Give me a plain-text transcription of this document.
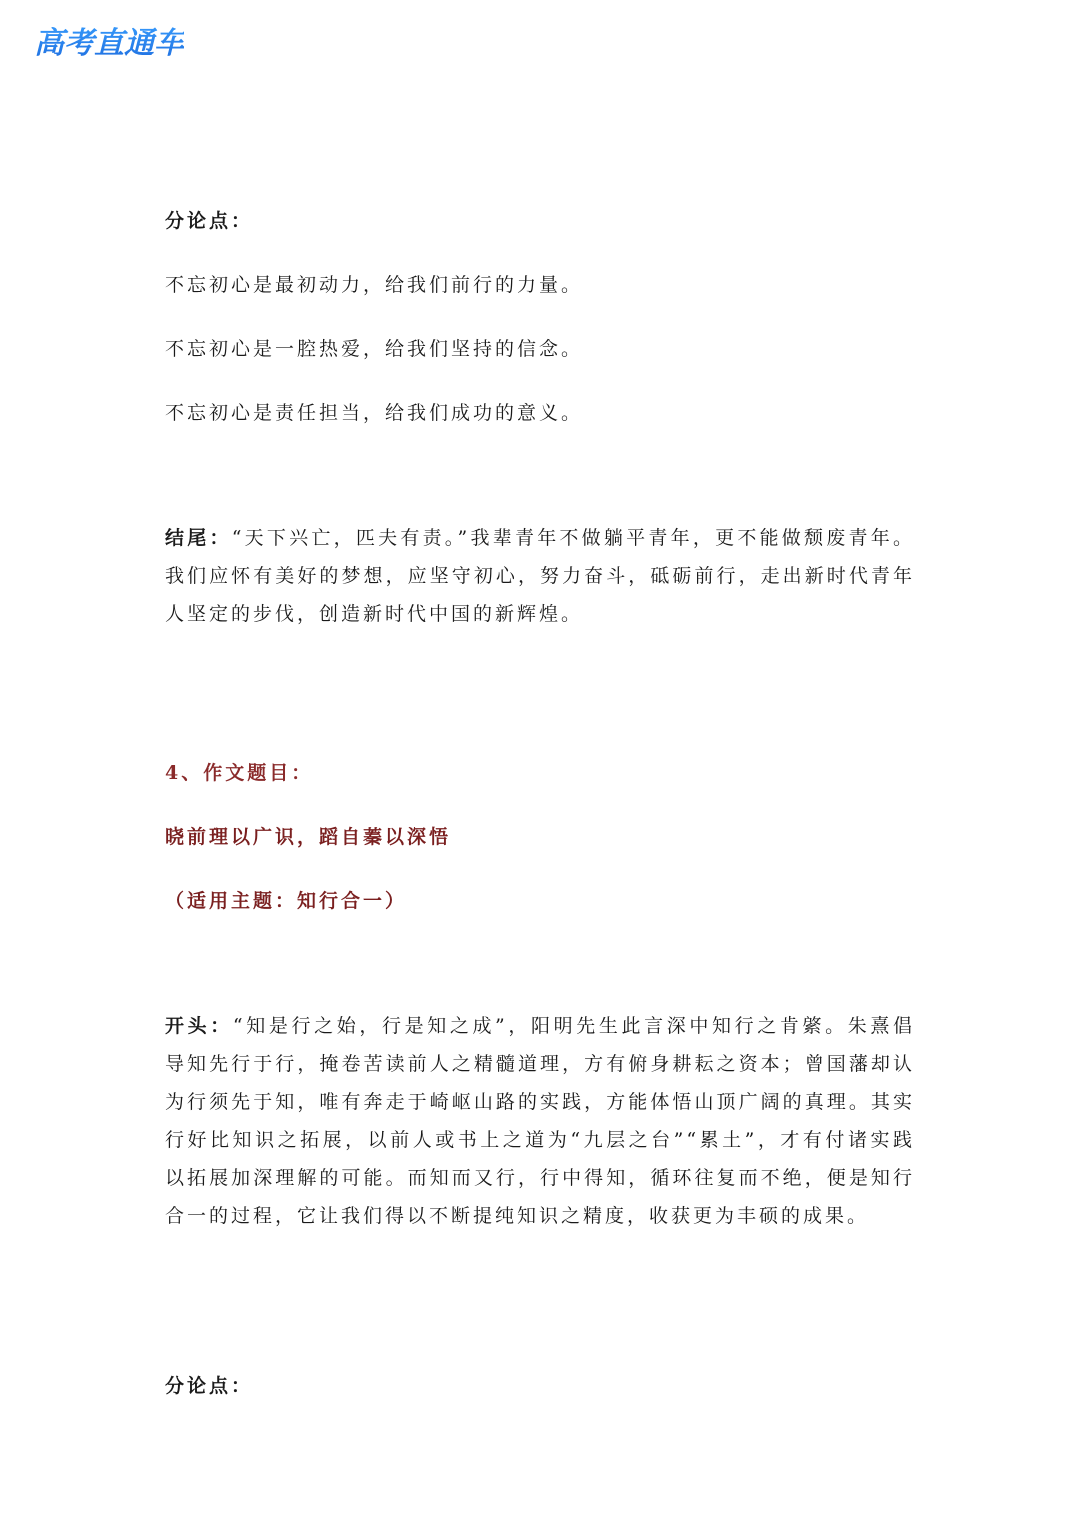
高考直通车

分论点：

不忘初心是最初动力，给我们前行的力量。

不忘初心是一腔热爱，给我们坚持的信念。

不忘初心是责任担当，给我们成功的意义。

结尾：“天下兴亡，匹夫有责。”我辈青年不做躺平青年，更不能做颓废青年。我们应怀有美好的梦想，应坚守初心，努力奋斗，砥砺前行，走出新时代青年人坚定的步伐，创造新时代中国的新辉煌。

4、作文题目：

晓前理以广识，蹈自蓁以深悟

（适用主题：知行合一）

开头：“知是行之始，行是知之成”，阳明先生此言深中知行之肯綮。朱熹倡导知先行于行，掩卷苦读前人之精髓道理，方有俯身耕耘之资本；曾国藩却认为行须先于知，唯有奔走于崎岖山路的实践，方能体悟山顶广阔的真理。其实行好比知识之拓展，以前人或书上之道为“九层之台”“累土”，才有付诸实践以拓展加深理解的可能。而知而又行，行中得知，循环往复而不绝，便是知行合一的过程，它让我们得以不断提纯知识之精度，收获更为丰硕的成果。

分论点：
